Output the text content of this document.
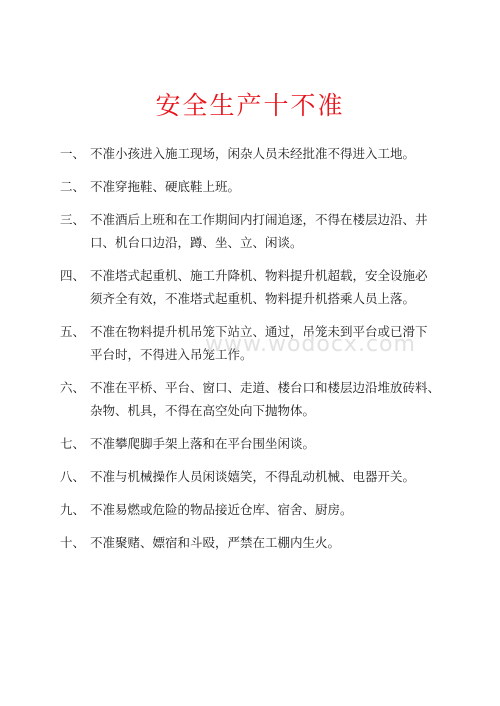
安全生产十不准
一、 不准小孩进入施工现场，闲杂人员未经批准不得进入工地。
二、 不准穿拖鞋、硬底鞋上班。
三、 不准酒后上班和在工作期间内打闹追逐，不得在楼层边沿、井
口、机台口边沿，蹲、坐、立、闲谈。
四、 不准塔式起重机、施工升降机、物料提升机超载，安全设施必
须齐全有效，不准塔式起重机、物料提升机搭乘人员上落。
五、 不准在物料提升机吊笼下站立、通过，吊笼未到平台或已滑下
平台时，不得进入吊笼工作。
六、 不准在平桥、平台、窗口、走道、楼台口和楼层边沿堆放砖料、
杂物、机具，不得在高空处向下抛物体。
七、 不准攀爬脚手架上落和在平台围坐闲谈。
八、 不准与机械操作人员闲谈嬉笑，不得乱动机械、电器开关。
九、 不准易燃或危险的物品接近仓库、宿舍、厨房。
十、 不准聚赌、嫖宿和斗殴，严禁在工棚内生火。
www.wodocx.com
